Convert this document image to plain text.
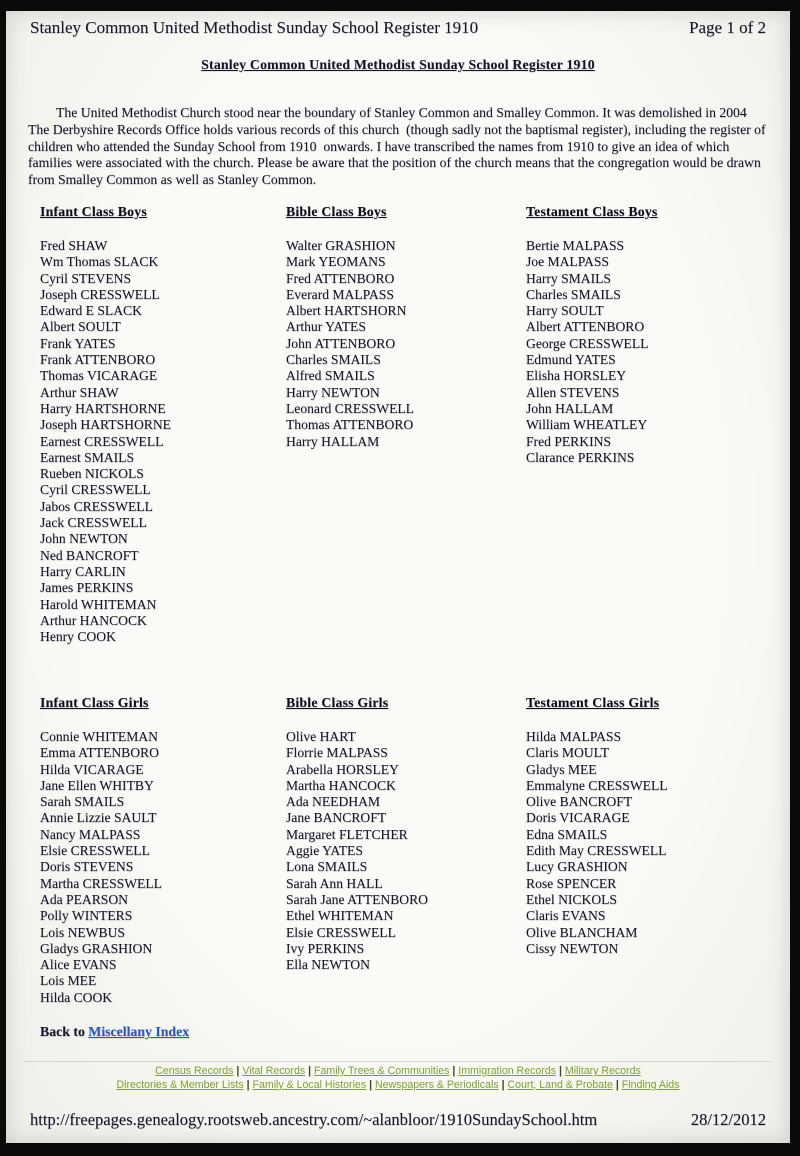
Stanley Common United Methodist Sunday School Register 1910	Page 1 of 2
Stanley Common United Methodist Sunday School Register 1910

The United Methodist Church stood near the boundary of Stanley Common and Smalley Common. It was demolished in 2004   The Derbyshire Records Office holds various records of this church  (though sadly not the baptismal register), including the register of children who attended the Sunday School from 1910  onwards. I have transcribed the names from 1910 to give an idea of which families were associated with the church. Please be aware that the position of the church means that the congregation would be drawn from Smalley Common as well as Stanley Common.

Infant Class Boys
Fred SHAW
Wm Thomas SLACK
Cyril STEVENS
Joseph CRESSWELL
Edward E SLACK
Albert SOULT
Frank YATES
Frank ATTENBORO
Thomas VICARAGE
Arthur SHAW
Harry HARTSHORNE
Joseph HARTSHORNE
Earnest CRESSWELL
Earnest SMAILS
Rueben NICKOLS
Cyril CRESSWELL
Jabos CRESSWELL
Jack CRESSWELL
John NEWTON
Ned BANCROFT
Harry CARLIN
James PERKINS
Harold WHITEMAN
Arthur HANCOCK
Henry COOK
Bible Class Boys
Walter GRASHION
Mark YEOMANS
Fred ATTENBORO
Everard MALPASS
Albert HARTSHORN
Arthur YATES
John ATTENBORO
Charles SMAILS
Alfred SMAILS
Harry NEWTON
Leonard CRESSWELL
Thomas ATTENBORO
Harry HALLAM
Testament Class Boys
Bertie MALPASS
Joe MALPASS
Harry SMAILS
Charles SMAILS
Harry SOULT
Albert ATTENBORO
George CRESSWELL
Edmund YATES
Elisha HORSLEY
Allen STEVENS
John HALLAM
William WHEATLEY
Fred PERKINS
Clarance PERKINS
Infant Class Girls
Connie WHITEMAN
Emma ATTENBORO
Hilda VICARAGE
Jane Ellen WHITBY
Sarah SMAILS
Annie Lizzie SAULT
Nancy MALPASS
Elsie CRESSWELL
Doris STEVENS
Martha CRESSWELL
Ada PEARSON
Polly WINTERS
Lois NEWBUS
Gladys GRASHION
Alice EVANS
Lois MEE
Hilda COOK
Bible Class Girls
Olive HART
Florrie MALPASS
Arabella HORSLEY
Martha HANCOCK
Ada NEEDHAM
Jane BANCROFT
Margaret FLETCHER
Aggie YATES
Lona SMAILS
Sarah Ann HALL
Sarah Jane ATTENBORO
Ethel WHITEMAN
Elsie CRESSWELL
Ivy PERKINS
Ella NEWTON
Testament Class Girls
Hilda MALPASS
Claris MOULT
Gladys MEE
Emmalyne CRESSWELL
Olive BANCROFT
Doris VICARAGE
Edna SMAILS
Edith May CRESSWELL
Lucy GRASHION
Rose SPENCER
Ethel NICKOLS
Claris EVANS
Olive BLANCHAM
Cissy NEWTON
Back to Miscellany Index
Census Records | Vital Records | Family Trees & Communities | Immigration Records | Military Records
Directories & Member Lists | Family & Local Histories | Newspapers & Periodicals | Court, Land & Probate | Finding Aids
http://freepages.genealogy.rootsweb.ancestry.com/~alanbloor/1910SundaySchool.htm	28/12/2012
